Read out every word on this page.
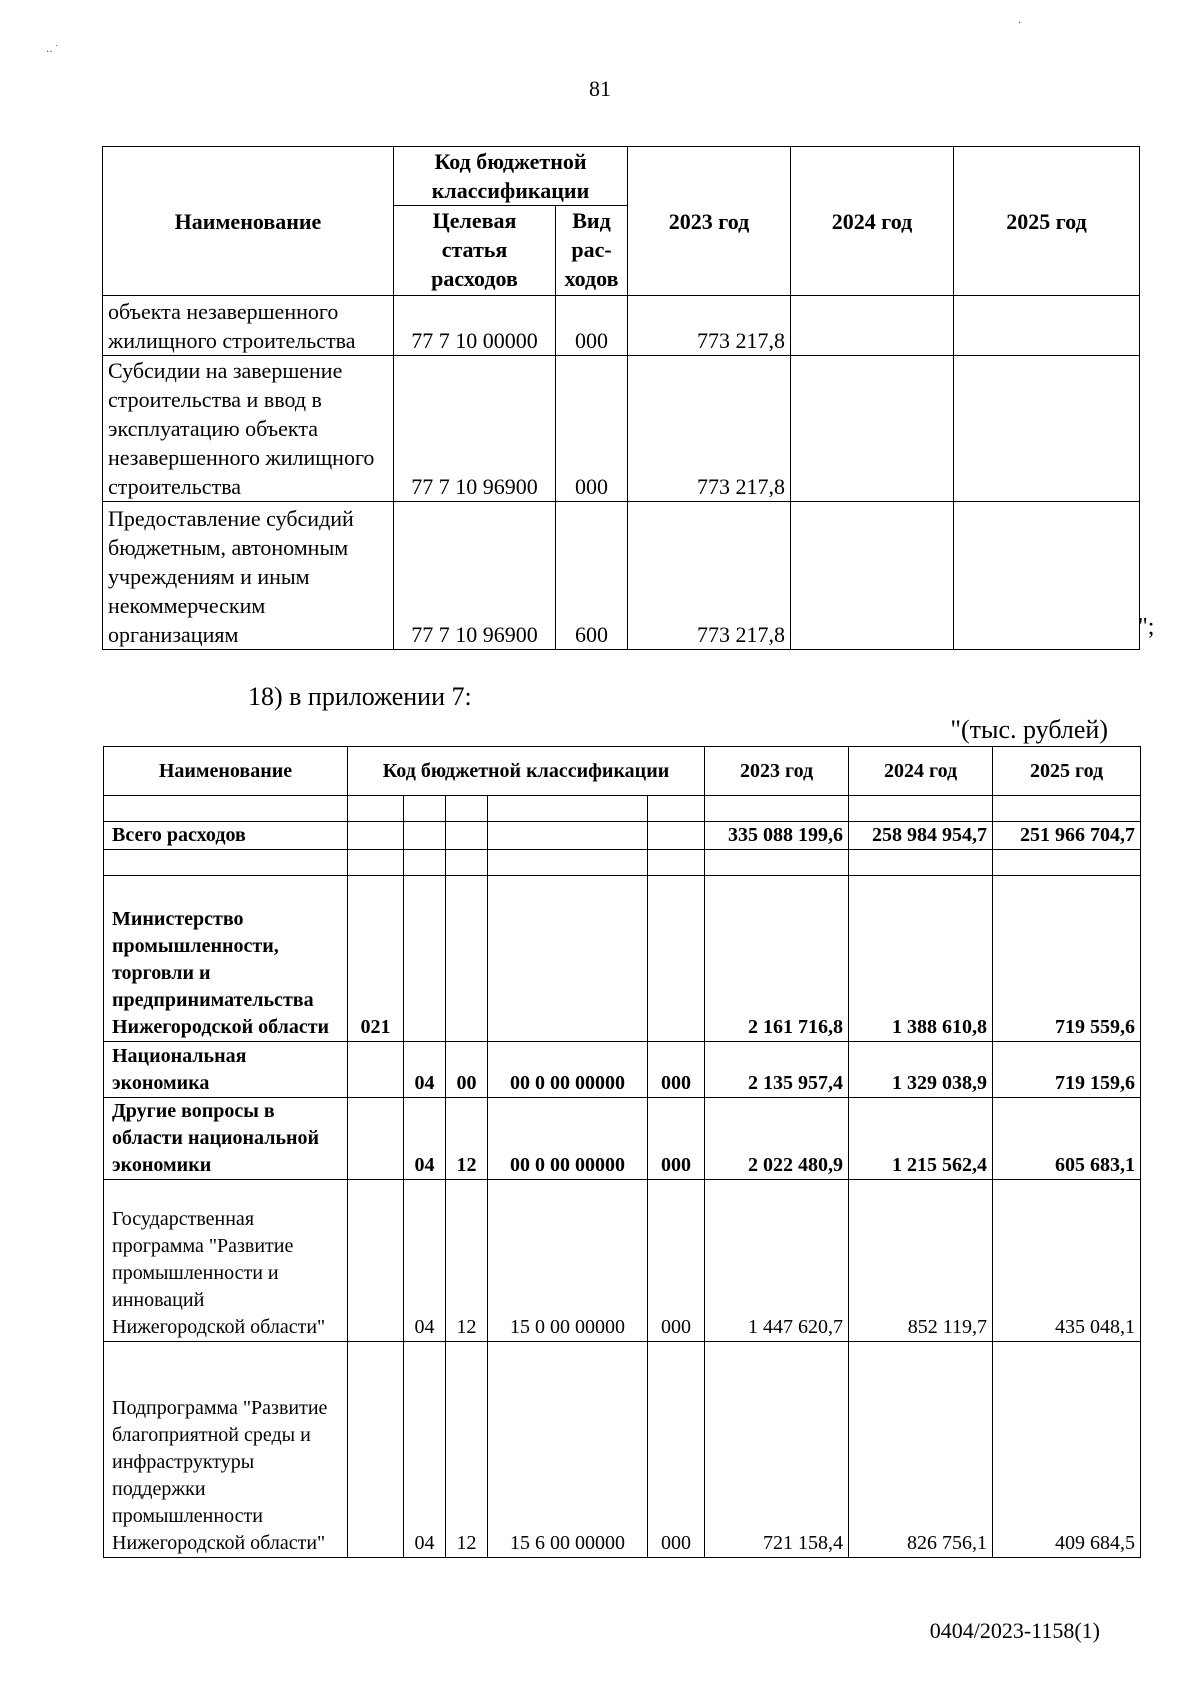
‥ ˙
·
81
Наименование	Код бюджетной классификации		2023 год	2024 год	2025 год
	Целевая статья расходов	Вид рас-ходов			
объекта незавершенного жилищного строительства	77 7 10 00000	000	773 217,8		
Субсидии на завершение строительства и ввод в эксплуатацию объекта незавершенного жилищного строительства	77 7 10 96900	000	773 217,8		
Предоставление субсидий бюджетным, автономным учреждениям и иным некоммерческим организациям	77 7 10 96900	600	773 217,8			";
18) в приложении 7:
"(тыс. рублей)
Наименование	Код бюджетной классификации					2023 год	2024 год	2025 год

Всего расходов						335 088 199,6	258 984 954,7	251 966 704,7

Министерство промышленности, торговли и предпринимательства Нижегородской области	021					2 161 716,8	1 388 610,8	719 559,6
Национальная экономика		04	00	00 0 00 00000	000	2 135 957,4	1 329 038,9	719 159,6
Другие вопросы в области национальной экономики		04	12	00 0 00 00000	000	2 022 480,9	1 215 562,4	605 683,1
Государственная программа "Развитие промышленности и инноваций Нижегородской области"		04	12	15 0 00 00000	000	1 447 620,7	852 119,7	435 048,1
Подпрограмма "Развитие благоприятной среды и инфраструктуры поддержки промышленности Нижегородской области"		04	12	15 6 00 00000	000	721 158,4	826 756,1	409 684,5
0404/2023-1158(1)
